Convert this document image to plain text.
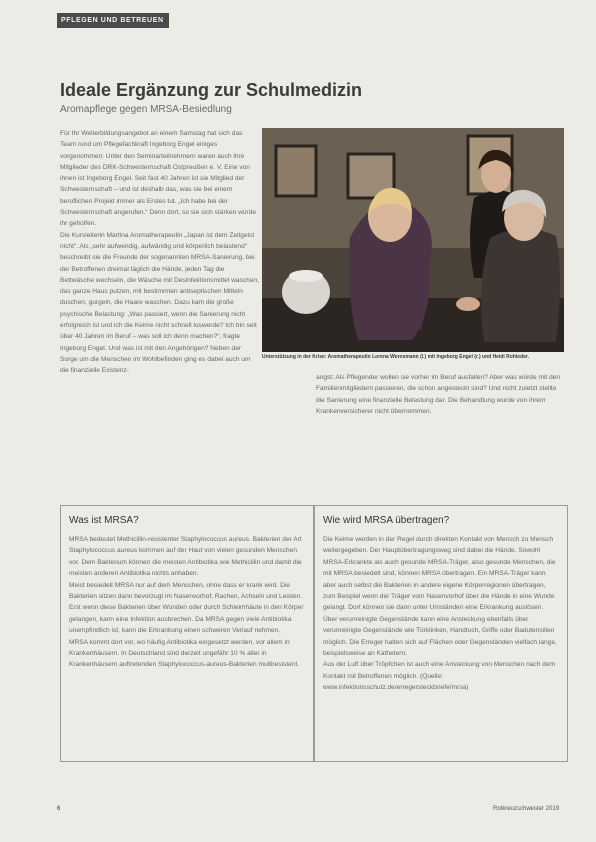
PFLEGEN UND BETREUEN
Ideale Ergänzung zur Schulmedizin
Aromapflege gegen MRSA-Besiedlung

Für Ihr Weiterbildungsangebot an einem Samstag hat sich das Team rund um Pflegefachkraft Ingeborg Engel einiges vorgenommen: Unter den Seminarteilnehmern waren auch ihre Mitglieder des DRK-Schwesternschaft Ostpreußen e. V. Eine von ihnen ist Ingeborg Engel. Seit fast 40 Jahren ist sie Mitglied der Schwesternschaft – und ist deshalb das, was sie bei einem beruflichen Projekt immer als Erstes tut. „Ich habe bei der Schwesternschaft angerufen.“ Denn dort, so sie sich stärken würde ihr geholfen.

Die Kursleiterin Martina Aromatherapeutin „Japan ist dem Zeitgeist nicht“. Als „sehr aufwendig, aufwändig und körperlich belastend“ beschreibt sie die Freunde der sogenannten MRSA-Sanierung, bei der Betroffenen dreimal täglich die Hände, jeden Tag die Bettwäsche wechseln, die Wäsche mit Desinfektionsmittel waschen, das ganze Haus putzen, mit bestimmten antiseptischen Mitteln duschen, gurgeln, die Haare waschen. Dazu kam die große psychische Belastung: „Was passiert, wenn die Sanierung nicht erfolgreich ist und ich die Keime nicht schnell loswerde? Ich bin seit über 40 Jahren im Beruf – was soll ich denn machen?“, fragte Ingeborg Engel. Und was ist mit den Angehörigen? Neben der Sorge um die Menschen im Wohlbefinden ging es dabei auch um die finanzielle Existenz-

Unterstützung in der Krise: Aromatherapeutin Lorena Wernsmann (l.) mit Ingeborg Engel (r.) und Heidi Rohleder.
angst: Als Pflegender wollen sie vorher im Beruf ausfallen? Aber was würde mit den Familienmitgliedern passieren, die schon angesteckt sind? Und nicht zuletzt stellte die Sanierung eine finanzielle Belastung dar. Die Behandlung wurde von ihrem Krankenversicherer nicht übernommen.
Was ist MRSA?

MRSA bedeutet Methicillin-resistenter Staphylococcus aureus. Bakterien der Art Staphylococcus aureus kommen auf der Haut von vielen gesunden Menschen vor. Dem Bakterium können die meisten Antibiotika wie Methicillin und damit die meisten anderen Antibiotika nichts anhaben.

Meist besiedelt MRSA nur auf dem Menschen, ohne dass er krank wird. Die Bakterien sitzen dann bevorzugt im Nasenvorhof, Rachen, Achseln und Leisten. Erst wenn diese Bakterien über Wunden oder durch Schleimhäute in den Körper gelangen, kann eine Infektion ausbrechen. Da MRSA gegen viele Antibiotika unempfindlich ist, kann die Erkrankung einen schweren Verlauf nehmen.

MRSA kommt dort vor, wo häufig Antibiotika eingesetzt werden, vor allem in Krankenhäusern. In Deutschland sind derzeit ungefähr 10 % aller in Krankenhäusern auftretenden Staphylococcus-aureus-Bakterien multiresistent.

Wie wird MRSA übertragen?

Die Keime werden in der Regel durch direkten Kontakt von Mensch zu Mensch weitergegeben. Der Hauptübertragungsweg sind dabei die Hände. Sowohl MRSA-Erkrankte als auch gesunde MRSA-Träger, also gesunde Menschen, die mit MRSA besiedelt sind, können MRSA übertragen. Ein MRSA-Träger kann aber auch selbst die Bakterien in andere eigene Körperregionen übertragen, zum Beispiel wenn der Träger vom Nasenvorhof über die Hände in eine Wunde gelangt. Dort können sie dann unter Umständen eine Erkrankung auslösen.

Über verunreinigte Gegenstände kann eine Ansteckung ebenfalls über verunreinigte Gegenstände wie Türklinken, Handtuch, Griffe oder Badutensilien möglich. Die Erreger halten sich auf Flächen oder Gegenständen vielfach lange, beispielsweise an Kathetern.

Aus der Luft über Tröpfchen ist auch eine Ansteckung von Menschen nach dem Kontakt mit Betroffenen möglich. (Quelle: www.infektionsschutz.de/erregersteckbriefe/mrsa)

6	Rotkreuzschwester 2019
